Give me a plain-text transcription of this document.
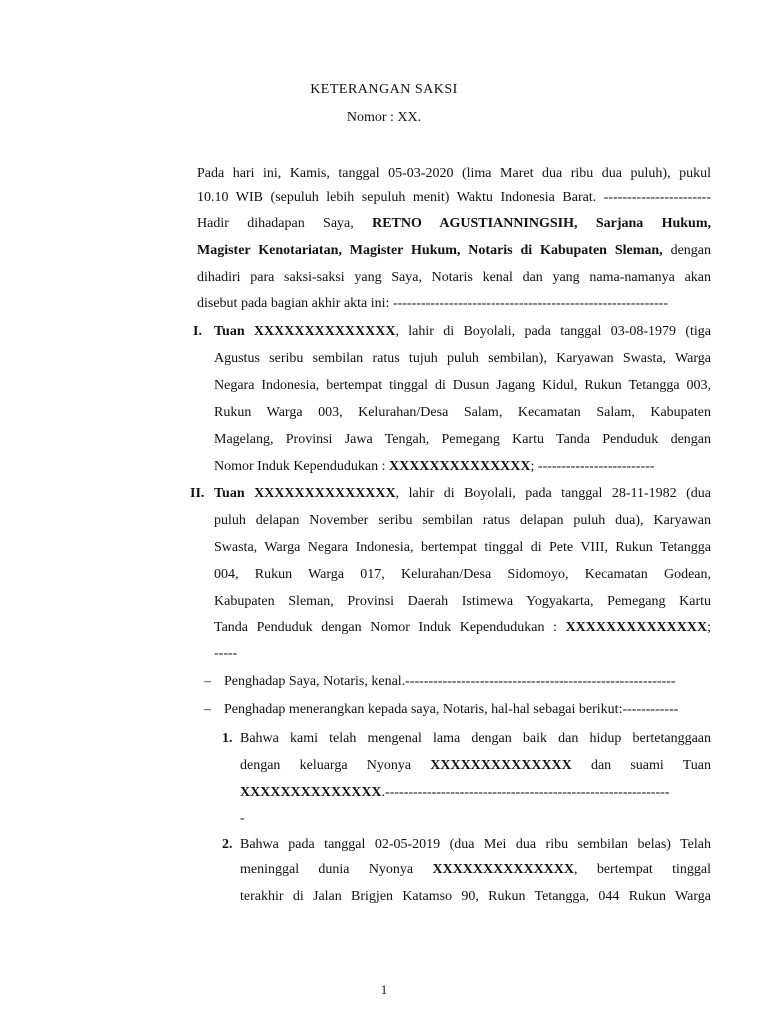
KETERANGAN SAKSI
Nomor : XX.
Pada hari ini, Kamis, tanggal 05-03-2020 (lima Maret dua ribu dua puluh), pukul
10.10 WIB (sepuluh lebih sepuluh menit) Waktu Indonesia Barat. -----------------------
Hadir dihadapan Saya, RETNO AGUSTIANNINGSIH, Sarjana Hukum,
Magister Kenotariatan, Magister Hukum, Notaris di Kabupaten Sleman, dengan
dihadiri para saksi-saksi yang Saya, Notaris kenal dan yang nama-namanya akan
disebut pada bagian akhir akta ini: -----------------------------------------------------------
I. Tuan XXXXXXXXXXXXXX, lahir di Boyolali, pada tanggal 03-08-1979 (tiga
Agustus seribu sembilan ratus tujuh puluh sembilan), Karyawan Swasta, Warga
Negara Indonesia, bertempat tinggal di Dusun Jagang Kidul, Rukun Tetangga 003,
Rukun Warga 003, Kelurahan/Desa Salam, Kecamatan Salam, Kabupaten
Magelang, Provinsi Jawa Tengah, Pemegang Kartu Tanda Penduduk dengan
Nomor Induk Kependudukan : XXXXXXXXXXXXXX; -------------------------
II. Tuan XXXXXXXXXXXXXX, lahir di Boyolali, pada tanggal 28-11-1982 (dua
puluh delapan November seribu sembilan ratus delapan puluh dua), Karyawan
Swasta, Warga Negara Indonesia, bertempat tinggal di Pete VIII, Rukun Tetangga
004, Rukun Warga 017, Kelurahan/Desa Sidomoyo, Kecamatan Godean,
Kabupaten Sleman, Provinsi Daerah Istimewa Yogyakarta, Pemegang Kartu
Tanda Penduduk dengan Nomor Induk Kependudukan : XXXXXXXXXXXXXX;
-----
– Penghadap Saya, Notaris, kenal.----------------------------------------------------------
– Penghadap menerangkan kepada saya, Notaris, hal-hal sebagai berikut:------------
1. Bahwa kami telah mengenal lama dengan baik dan hidup bertetanggaan
dengan keluarga Nyonya XXXXXXXXXXXXXX dan suami Tuan
XXXXXXXXXXXXXX.-------------------------------------------------------------
-
2. Bahwa pada tanggal 02-05-2019 (dua Mei dua ribu sembilan belas) Telah
meninggal dunia Nyonya XXXXXXXXXXXXXX, bertempat tinggal
terakhir di Jalan Brigjen Katamso 90, Rukun Tetangga, 044 Rukun Warga
1
